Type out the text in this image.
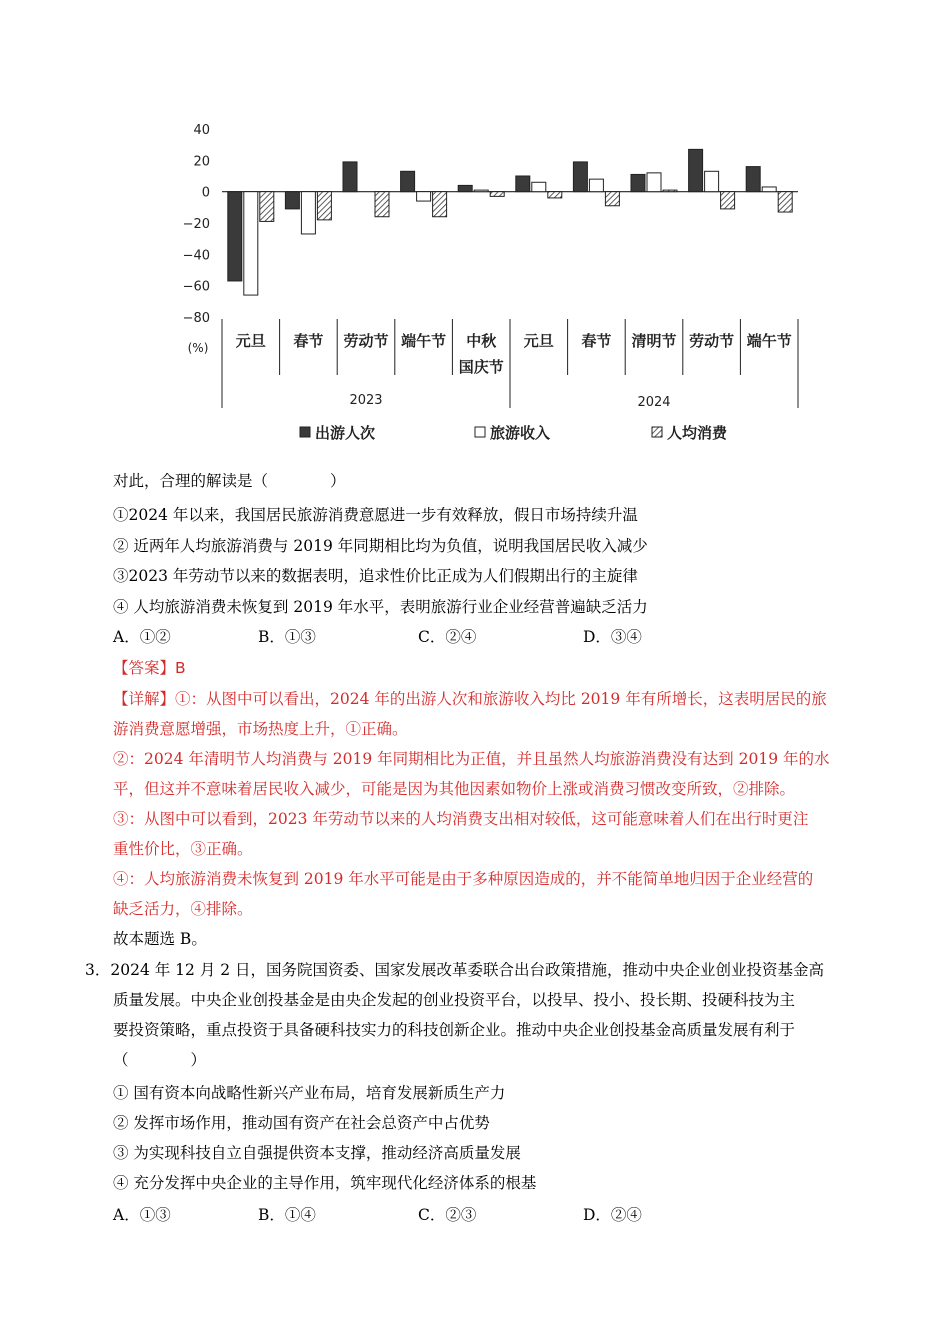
40
20
0
−20
−40
−60
−80
(%) 元旦 春节 劳动节 端午节 中秋
国庆节
元旦 春节 清明节 劳动节 端午节
2023	2024
出游人次	旅游收入	人均消费
对此，合理的解读是（　　　　）
①2024 年以来，我国居民旅游消费意愿进一步有效释放，假日市场持续升温
② 近两年人均旅游消费与 2019 年同期相比均为负值，说明我国居民收入减少
③2023 年劳动节以来的数据表明，追求性价比正成为人们假期出行的主旋律
④ 人均旅游消费未恢复到 2019 年水平，表明旅游行业企业经营普遍缺乏活力
A．①②	B．①③	C．②④	D．③④
【答案】B
【详解】①：从图中可以看出，2024 年的出游人次和旅游收入均比 2019 年有所增长，这表明居民的旅
游消费意愿增强，市场热度上升，①正确。
②：2024 年清明节人均消费与 2019 年同期相比为正值，并且虽然人均旅游消费没有达到 2019 年的水
平，但这并不意味着居民收入减少，可能是因为其他因素如物价上涨或消费习惯改变所致，②排除。
③：从图中可以看到，2023 年劳动节以来的人均消费支出相对较低，这可能意味着人们在出行时更注
重性价比，③正确。
④：人均旅游消费未恢复到 2019 年水平可能是由于多种原因造成的，并不能简单地归因于企业经营的
缺乏活力，④排除。
故本题选 B。
3．2024 年 12 月 2 日，国务院国资委、国家发展改革委联合出台政策措施，推动中央企业创业投资基金高
质量发展。中央企业创投基金是由央企发起的创业投资平台，以投早、投小、投长期、投硬科技为主
要投资策略，重点投资于具备硬科技实力的科技创新企业。推动中央企业创投基金高质量发展有利于
（　　　　）
① 国有资本向战略性新兴产业布局，培育发展新质生产力
② 发挥市场作用，推动国有资产在社会总资产中占优势
③ 为实现科技自立自强提供资本支撑，推动经济高质量发展
④ 充分发挥中央企业的主导作用，筑牢现代化经济体系的根基
A．①③	B．①④	C．②③	D．②④
